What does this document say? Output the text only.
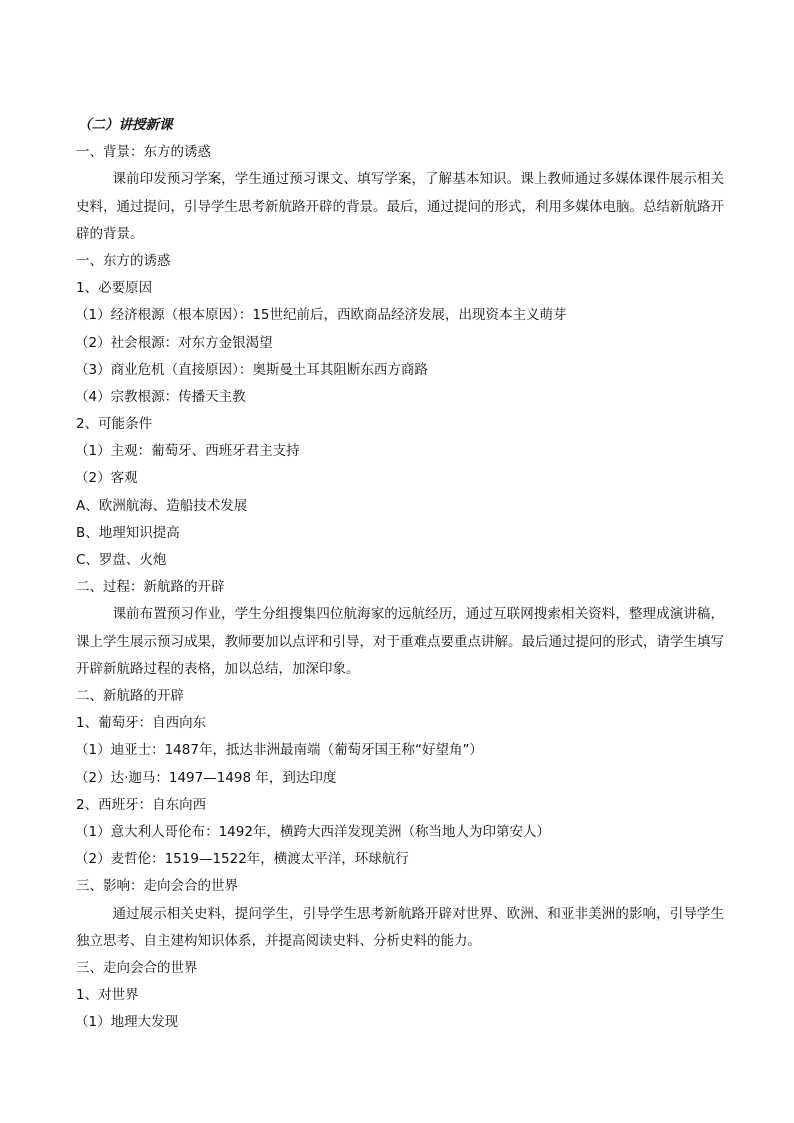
（二）讲授新课
一、背景：东方的诱惑
课前印发预习学案，学生通过预习课文、填写学案，了解基本知识。课上教师通过多媒体课件展示相关史料，通过提问，引导学生思考新航路开辟的背景。最后，通过提问的形式，利用多媒体电脑。总结新航路开辟的背景。
一、东方的诱惑
1、必要原因
（1）经济根源（根本原因）：15世纪前后，西欧商品经济发展，出现资本主义萌芽
（2）社会根源：对东方金银渴望
（3）商业危机（直接原因）：奥斯曼土耳其阻断东西方商路
（4）宗教根源：传播天主教
2、可能条件
（1）主观：葡萄牙、西班牙君主支持
（2）客观
A、欧洲航海、造船技术发展
B、地理知识提高
C、罗盘、火炮
二、过程：新航路的开辟
课前布置预习作业，学生分组搜集四位航海家的远航经历，通过互联网搜索相关资料，整理成演讲稿，课上学生展示预习成果，教师要加以点评和引导，对于重难点要重点讲解。最后通过提问的形式，请学生填写开辟新航路过程的表格，加以总结，加深印象。
二、新航路的开辟
1、葡萄牙：自西向东
（1）迪亚士：1487年，抵达非洲最南端（葡萄牙国王称“好望角”）
（2）达·迦马：1497—1498 年，到达印度
2、西班牙：自东向西
（1）意大利人哥伦布：1492年，横跨大西洋发现美洲（称当地人为印第安人）
（2）麦哲伦：1519—1522年，横渡太平洋，环球航行
三、影响：走向会合的世界
通过展示相关史料，提问学生，引导学生思考新航路开辟对世界、欧洲、和亚非美洲的影响，引导学生独立思考、自主建构知识体系，并提高阅读史料、分析史料的能力。
三、走向会合的世界
1、对世界
（1）地理大发现
